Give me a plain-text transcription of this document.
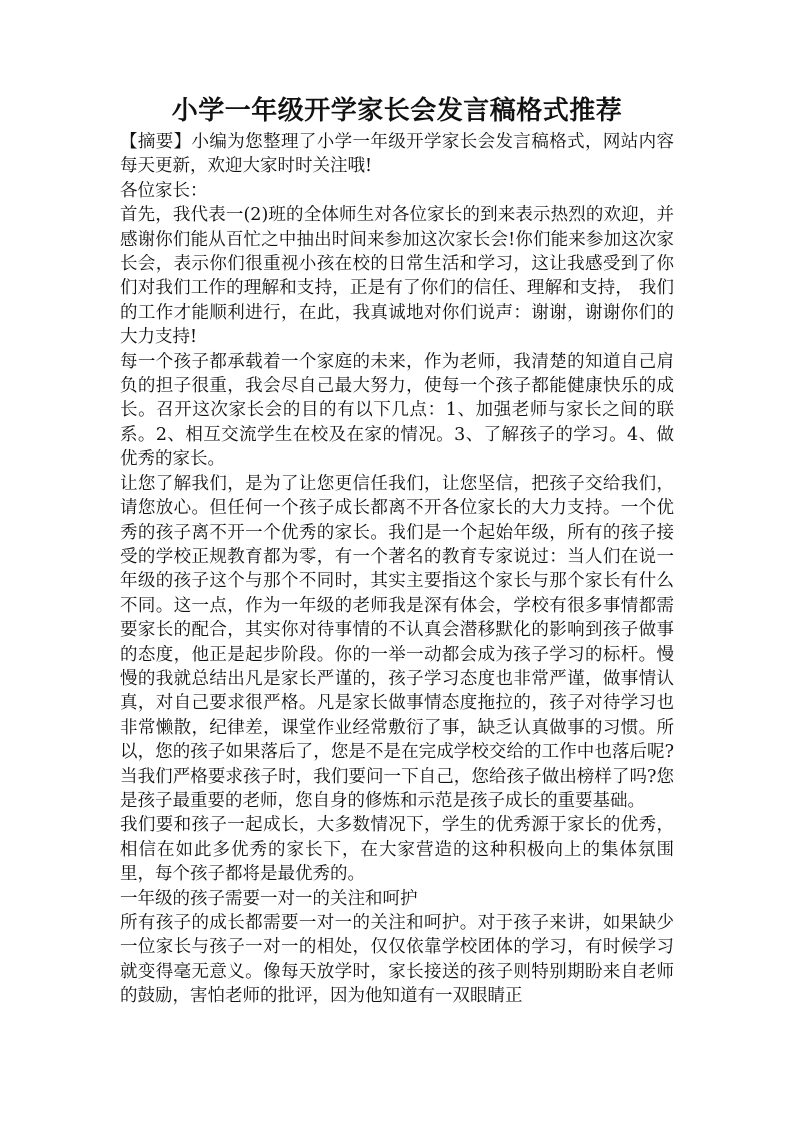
小学一年级开学家长会发言稿格式推荐

【摘要】小编为您整理了小学一年级开学家长会发言稿格式，网站内容每天更新，欢迎大家时时关注哦!

各位家长：

首先，我代表一(2)班的全体师生对各位家长的到来表示热烈的欢迎，并感谢你们能从百忙之中抽出时间来参加这次家长会!你们能来参加这次家长会，表示你们很重视小孩在校的日常生活和学习，这让我感受到了你们对我们工作的理解和支持，正是有了你们的信任、理解和支持， 我们的工作才能顺利进行，在此，我真诚地对你们说声：谢谢，谢谢你们的大力支持!

每一个孩子都承载着一个家庭的未来，作为老师，我清楚的知道自己肩负的担子很重，我会尽自己最大努力，使每一个孩子都能健康快乐的成长。召开这次家长会的目的有以下几点：1、加强老师与家长之间的联系。2、相互交流学生在校及在家的情况。3、了解孩子的学习。4、做优秀的家长。

让您了解我们，是为了让您更信任我们，让您坚信，把孩子交给我们，请您放心。但任何一个孩子成长都离不开各位家长的大力支持。一个优秀的孩子离不开一个优秀的家长。我们是一个起始年级，所有的孩子接受的学校正规教育都为零，有一个著名的教育专家说过：当人们在说一年级的孩子这个与那个不同时，其实主要指这个家长与那个家长有什么不同。这一点，作为一年级的老师我是深有体会，学校有很多事情都需要家长的配合，其实你对待事情的不认真会潜移默化的影响到孩子做事的态度，他正是起步阶段。你的一举一动都会成为孩子学习的标杆。慢慢的我就总结出凡是家长严谨的，孩子学习态度也非常严谨，做事情认真，对自己要求很严格。凡是家长做事情态度拖拉的，孩子对待学习也非常懒散，纪律差，课堂作业经常敷衍了事，缺乏认真做事的习惯。所以，您的孩子如果落后了，您是不是在完成学校交给的工作中也落后呢?当我们严格要求孩子时，我们要问一下自己，您给孩子做出榜样了吗?您是孩子最重要的老师，您自身的修炼和示范是孩子成长的重要基础。

我们要和孩子一起成长，大多数情况下，学生的优秀源于家长的优秀，相信在如此多优秀的家长下，在大家营造的这种积极向上的集体氛围里，每个孩子都将是最优秀的。

一年级的孩子需要一对一的关注和呵护

所有孩子的成长都需要一对一的关注和呵护。对于孩子来讲，如果缺少一位家长与孩子一对一的相处，仅仅依靠学校团体的学习，有时候学习就变得毫无意义。像每天放学时，家长接送的孩子则特别期盼来自老师的鼓励，害怕老师的批评，因为他知道有一双眼睛正
